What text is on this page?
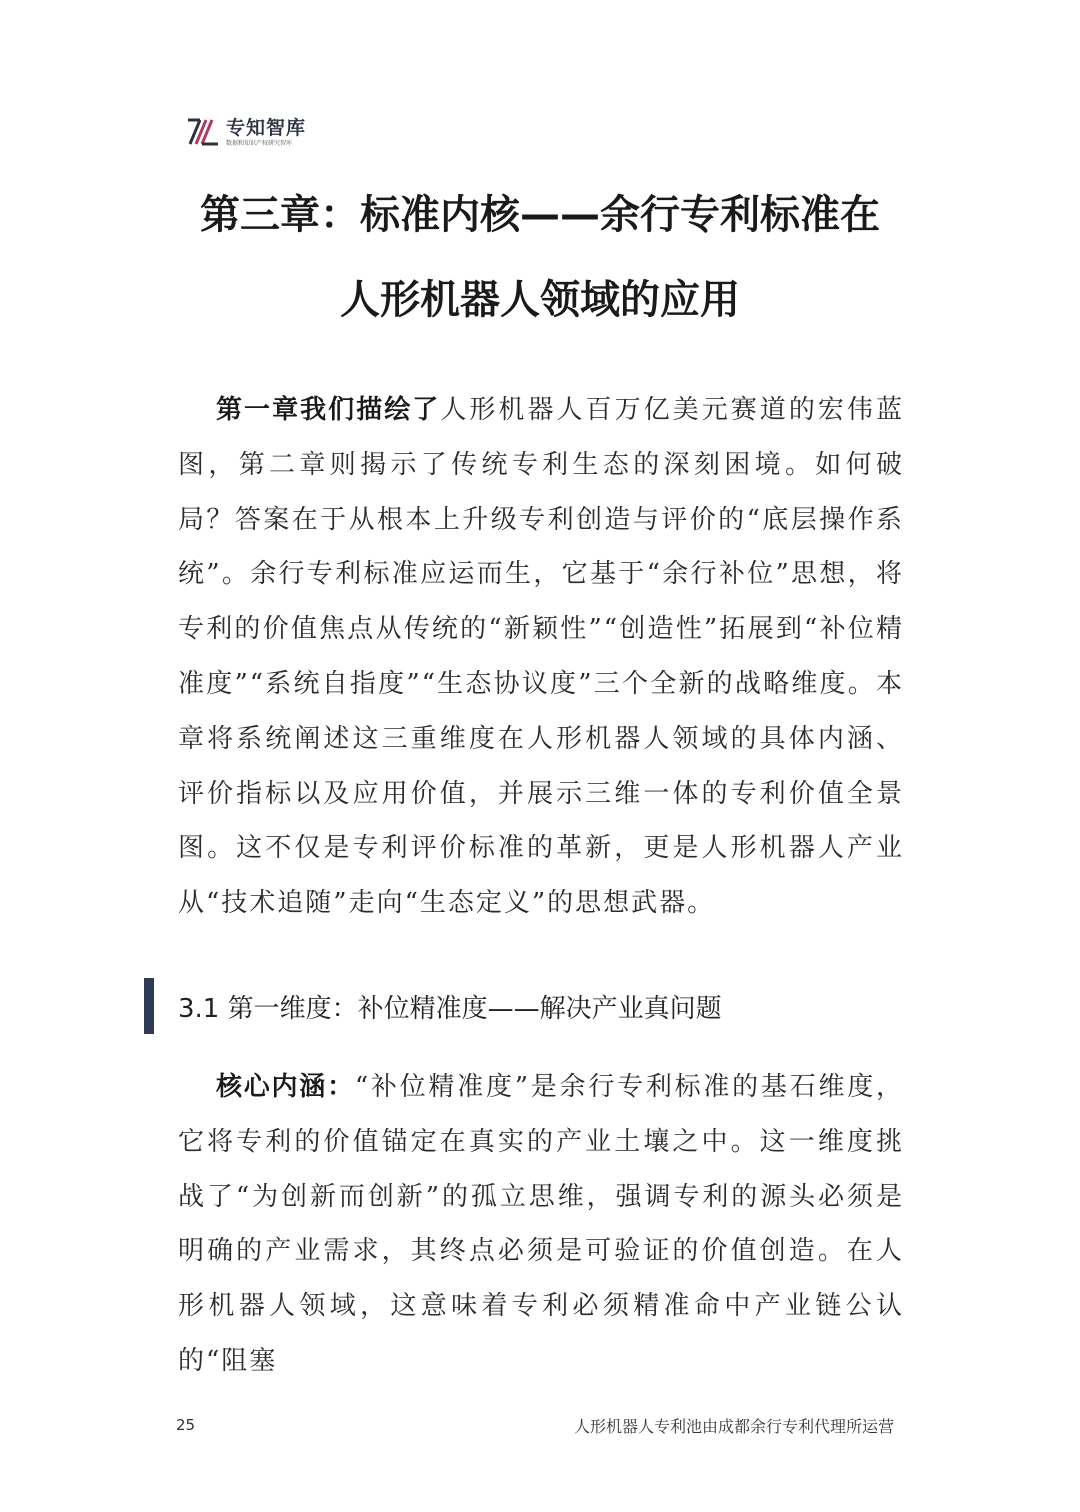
专知智库
数据和知识产权研究智库
第三章：标准内核——余行专利标准在
人形机器人领域的应用

第一章我们描绘了人形机器人百万亿美元赛道的宏伟蓝图，第二章则揭示了传统专利生态的深刻困境。如何破局？答案在于从根本上升级专利创造与评价的“底层操作系统”。余行专利标准应运而生，它基于“余行补位”思想，将专利的价值焦点从传统的“新颖性”“创造性”拓展到“补位精准度”“系统自指度”“生态协议度”三个全新的战略维度。本章将系统阐述这三重维度在人形机器人领域的具体内涵、评价指标以及应用价值，并展示三维一体的专利价值全景图。这不仅是专利评价标准的革新，更是人形机器人产业从“技术追随”走向“生态定义”的思想武器。

3.1 第一维度：补位精准度——解决产业真问题

核心内涵：“补位精准度”是余行专利标准的基石维度，它将专利的价值锚定在真实的产业土壤之中。这一维度挑战了“为创新而创新”的孤立思维，强调专利的源头必须是明确的产业需求，其终点必须是可验证的价值创造。在人形机器人领域，这意味着专利必须精准命中产业链公认的“阻塞

25	人形机器人专利池由成都余行专利代理所运营
